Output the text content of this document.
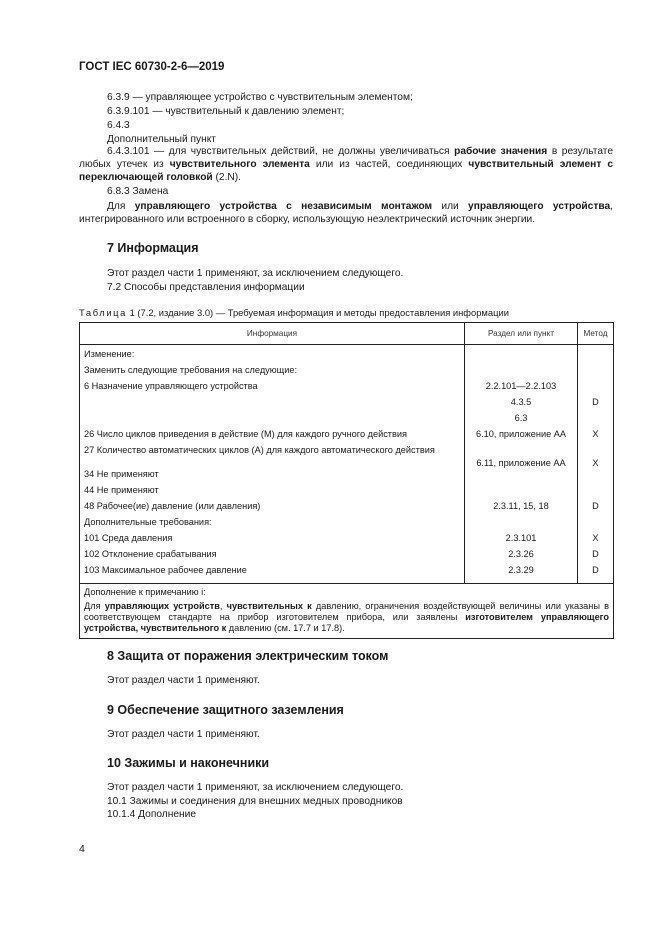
ГОСТ IEC 60730-2-6—2019
6.3.9 — управляющее устройство с чувствительным элементом;
6.3.9.101 — чувствительный к давлению элемент;
6.4.3
Дополнительный пункт
6.4.3.101 — для чувствительных действий, не должны увеличиваться рабочие значения в результате любых утечек из чувствительного элемента или из частей, соединяющих чувствительный элемент с переключающей головкой (2.N).
6.8.3 Замена
Для управляющего устройства с независимым монтажом или управляющего устройства, интегрированного или встроенного в сборку, использующую неэлектрический источник энергии.
7 Информация
Этот раздел части 1 применяют, за исключением следующего.
7.2 Способы представления информации
Таблица 1 (7.2, издание 3.0) — Требуемая информация и методы предоставления информации
Информация	Раздел или пункт	Метод
Изменение:		
Заменить следующие требования на следующие:		
6 Назначение управляющего устройства	2.2.101—2.2.103	
	4.3.5	D
	6.3	
26 Число циклов приведения в действие (M) для каждого ручного действия	6.10, приложение AA	X
27 Количество автоматических циклов (A) для каждого автоматического действия	6.11, приложение AA	X
34 Не применяют		
44 Не применяют		
48 Рабочее(ие) давление (или давления)	2.3.11, 15, 18	D
Дополнительные требования:		
101 Среда давления	2.3.101	X
102 Отклонение срабатывания	2.3.26	D
103 Максимальное рабочее давление	2.3.29	D

Дополнение к примечанию i:
Для управляющих устройств, чувствительных к давлению, ограничения воздействующей величины или указаны в соответствующем стандарте на прибор изготовителем прибора, или заявлены изготовителем управляющего устройства, чувствительного к давлению (см. 17.7 и 17.8).		
8 Защита от поражения электрическим током
Этот раздел части 1 применяют.
9 Обеспечение защитного заземления
Этот раздел части 1 применяют.
10 Зажимы и наконечники
Этот раздел части 1 применяют, за исключением следующего.
10.1 Зажимы и соединения для внешних медных проводников
10.1.4 Дополнение
4
